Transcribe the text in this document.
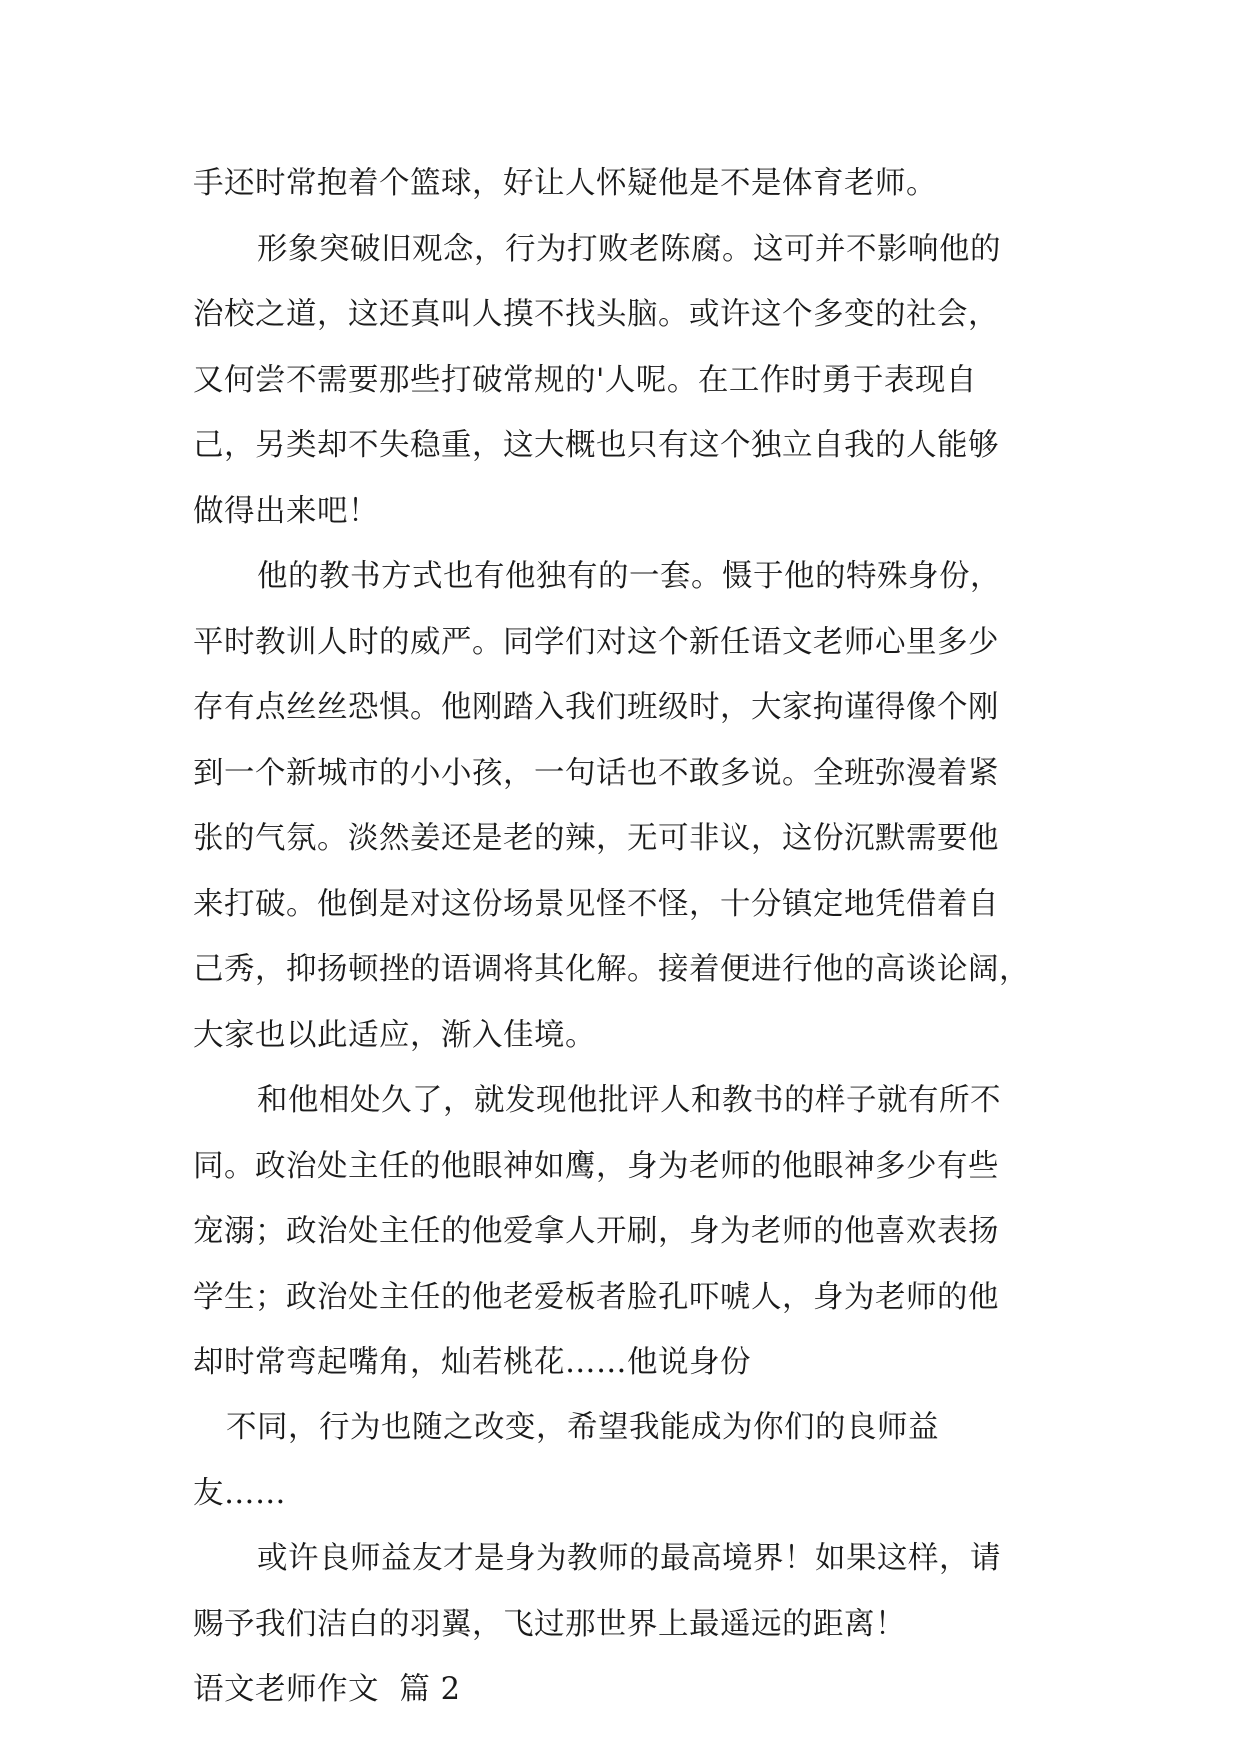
手还时常抱着个篮球，好让人怀疑他是不是体育老师。
形象突破旧观念，行为打败老陈腐。这可并不影响他的
治校之道，这还真叫人摸不找头脑。或许这个多变的社会，
又何尝不需要那些打破常规的'人呢。在工作时勇于表现自
己，另类却不失稳重，这大概也只有这个独立自我的人能够
做得出来吧！
他的教书方式也有他独有的一套。慑于他的特殊身份，
平时教训人时的威严。同学们对这个新任语文老师心里多少
存有点丝丝恐惧。他刚踏入我们班级时，大家拘谨得像个刚
到一个新城市的小小孩，一句话也不敢多说。全班弥漫着紧
张的气氛。淡然姜还是老的辣，无可非议，这份沉默需要他
来打破。他倒是对这份场景见怪不怪，十分镇定地凭借着自
己秀，抑扬顿挫的语调将其化解。接着便进行他的高谈论阔，
大家也以此适应，渐入佳境。
和他相处久了，就发现他批评人和教书的样子就有所不
同。政治处主任的他眼神如鹰，身为老师的他眼神多少有些
宠溺；政治处主任的他爱拿人开刷，身为老师的他喜欢表扬
学生；政治处主任的他老爱板者脸孔吓唬人，身为老师的他
却时常弯起嘴角，灿若桃花……他说身份
不同，行为也随之改变，希望我能成为你们的良师益
友……
或许良师益友才是身为教师的最高境界！如果这样，请
赐予我们洁白的羽翼，飞过那世界上最遥远的距离！
语文老师作文  篇 2
